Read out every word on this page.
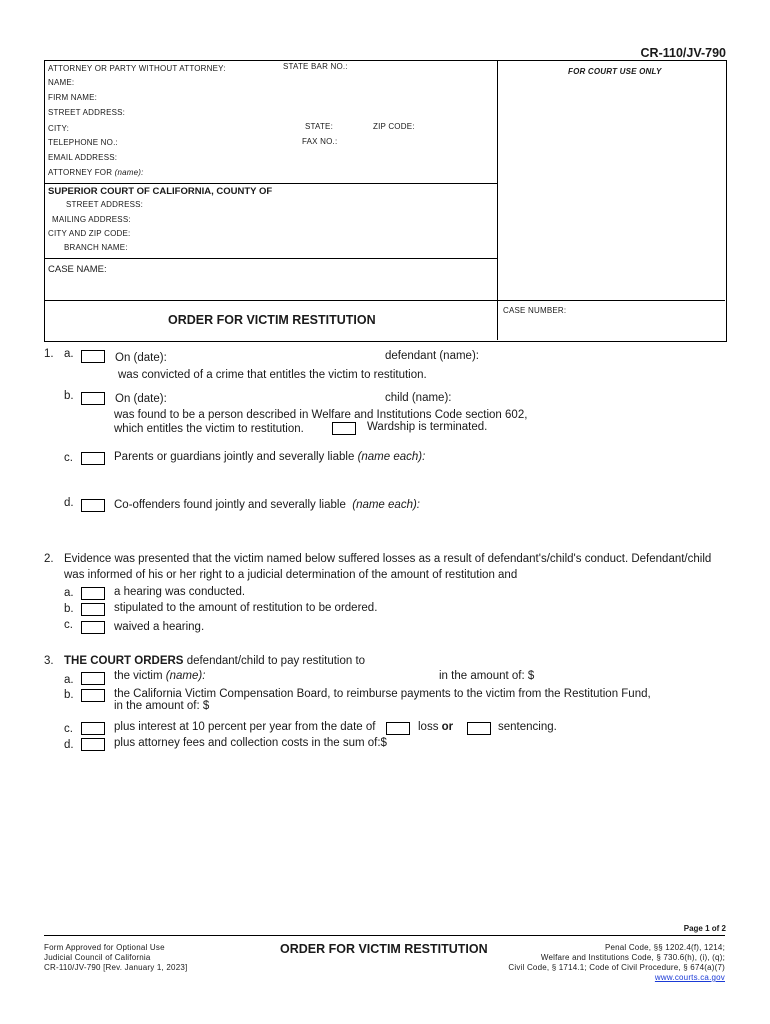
CR-110/JV-790
ATTORNEY OR PARTY WITHOUT ATTORNEY:	STATE BAR NO.:
FOR COURT USE ONLY
NAME:
FIRM NAME:
STREET ADDRESS:
CITY:	STATE:	ZIP CODE:
TELEPHONE NO.:	FAX NO.:
EMAIL ADDRESS:
ATTORNEY FOR (name):
SUPERIOR COURT OF CALIFORNIA, COUNTY OF
STREET ADDRESS:
MAILING ADDRESS:
CITY AND ZIP CODE:
BRANCH NAME:
CASE NAME:
CASE NUMBER:
ORDER FOR VICTIM RESTITUTION
1. a.	On (date):	defendant (name):
was convicted of a crime that entitles the victim to restitution.
b.	On (date):	child (name):
was found to be a person described in Welfare and Institutions Code section 602,
which entitles the victim to restitution.	Wardship is terminated.
c.	Parents or guardians jointly and severally liable (name each):
d.	Co-offenders found jointly and severally liable (name each):
2. Evidence was presented that the victim named below suffered losses as a result of defendant's/child's conduct. Defendant/child
was informed of his or her right to a judicial determination of the amount of restitution and
a.	a hearing was conducted.
b.	stipulated to the amount of restitution to be ordered.
c.	waived a hearing.
3. THE COURT ORDERS defendant/child to pay restitution to
a.	the victim (name):	in the amount of: $
b.	the California Victim Compensation Board, to reimburse payments to the victim from the Restitution Fund,
in the amount of: $
c.	plus interest at 10 percent per year from the date of	loss or	sentencing.
d.	plus attorney fees and collection costs in the sum of:$
Page 1 of 2
Form Approved for Optional Use
Judicial Council of California
CR-110/JV-790 [Rev. January 1, 2023]
ORDER FOR VICTIM RESTITUTION	Penal Code, §§ 1202.4(f), 1214;
Welfare and Institutions Code, § 730.6(h), (i), (q);
Civil Code, § 1714.1; Code of Civil Procedure, § 674(a)(7)
www.courts.ca.gov
